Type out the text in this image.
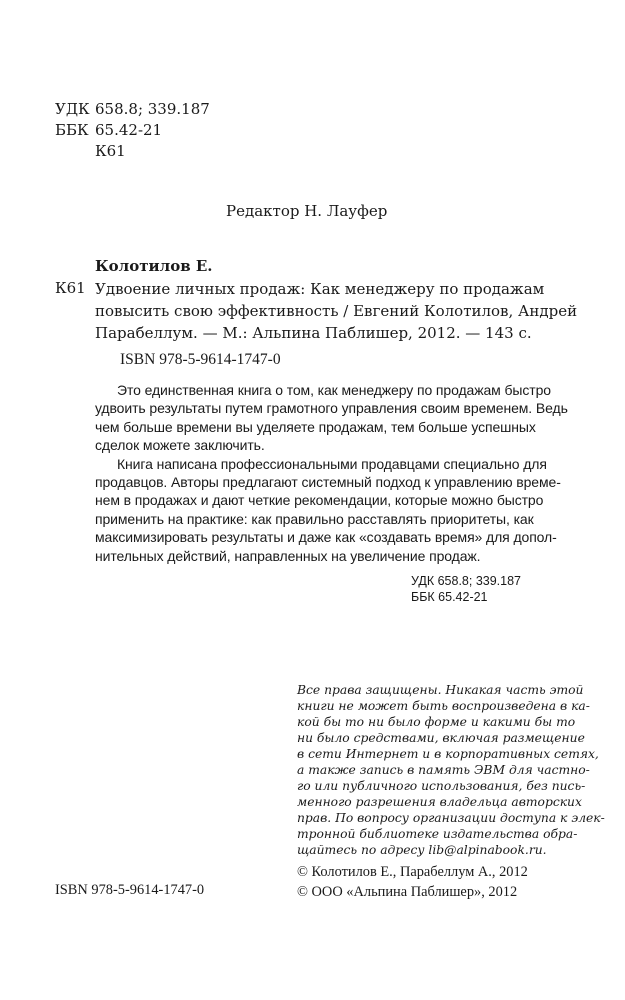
УДК 658.8; 339.187
ББК 65.42-21
К61
Редактор Н. Лауфер
Колотилов Е.
К61 Удвоение личных продаж: Как менеджеру по продажам
повысить свою эффективность / Евгений Колотилов, Андрей
Парабеллум. — М.: Альпина Паблишер, 2012. — 143 с.
ISBN 978-5-9614-1747-0
Это единственная книга о том, как менеджеру по продажам быстро
удвоить результаты путем грамотного управления своим временем. Ведь
чем больше времени вы уделяете продажам, тем больше успешных
сделок можете заключить.
Книга написана профессиональными продавцами специально для
продавцов. Авторы предлагают системный подход к управлению време-
нем в продажах и дают четкие рекомендации, которые можно быстро
применить на практике: как правильно расставлять приоритеты, как
максимизировать результаты и даже как «создавать время» для допол-
нительных действий, направленных на увеличение продаж.
УДК 658.8; 339.187
ББК 65.42-21
Все права защищены. Никакая часть этой
книги не может быть воспроизведена в ка-
кой бы то ни было форме и какими бы то
ни было средствами, включая размещение
в сети Интернет и в корпоративных сетях,
а также запись в память ЭВМ для частно-
го или публичного использования, без пись-
менного разрешения владельца авторских
прав. По вопросу организации доступа к элек-
тронной библиотеке издательства обра-
щайтесь по адресу lib@alpinabook.ru.
© Колотилов Е., Парабеллум А., 2012
© ООО «Альпина Паблишер», 2012
ISBN 978-5-9614-1747-0
